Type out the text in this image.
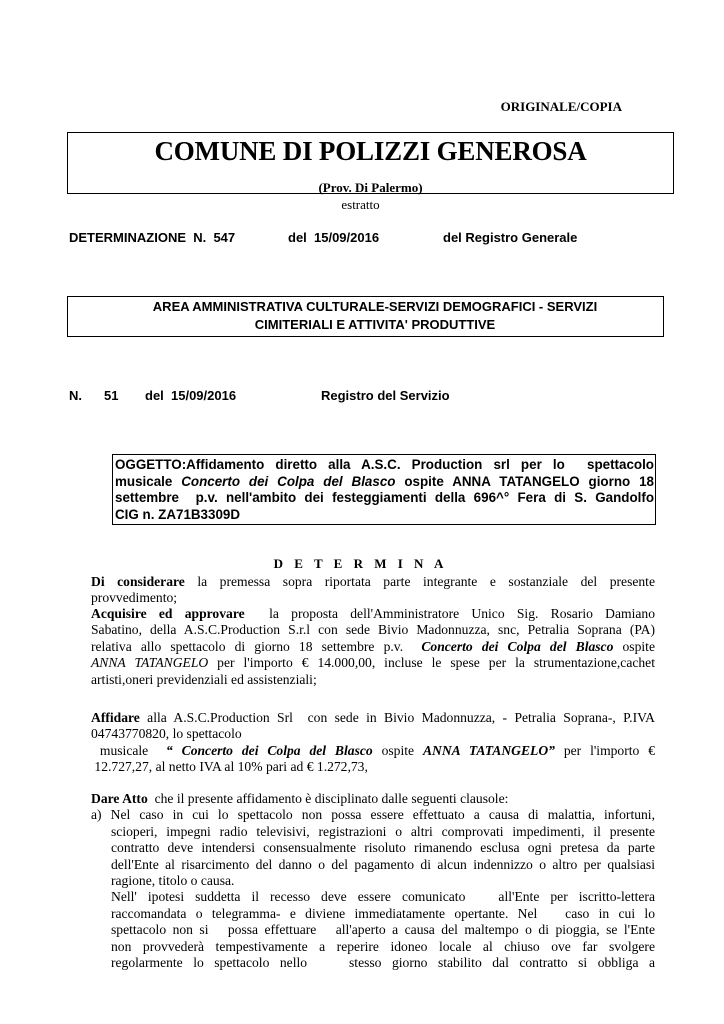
ORIGINALE/COPIA
COMUNE DI POLIZZI GENEROSA
(Prov. Di Palermo)
estratto
DETERMINAZIONE  N.  547	del  15/09/2016	del Registro Generale
AREA AMMINISTRATIVA CULTURALE-SERVIZI DEMOGRAFICI - SERVIZI
CIMITERIALI E ATTIVITA' PRODUTTIVE
N. 51 del  15/09/2016	Registro del Servizio
OGGETTO:Affidamento diretto alla A.S.C. Production srl per lo  spettacolo
musicale Concerto dei Colpa del Blasco ospite ANNA TATANGELO giorno 18
settembre  p.v. nell'ambito dei festeggiamenti della 696^° Fera di S. Gandolfo
CIG n. ZA71B3309D
D E T E R M I N A
Di considerare la premessa sopra riportata parte integrante e sostanziale del presente
provvedimento;
Acquisire ed approvare  la proposta dell'Amministratore Unico Sig. Rosario Damiano
Sabatino, della A.S.C.Production S.r.l con sede Bivio Madonnuzza, snc, Petralia Soprana (PA)
relativa allo spettacolo di giorno 18 settembre p.v.  Concerto dei Colpa del Blasco ospite
ANNA TATANGELO per l'importo € 14.000,00, incluse le spese per la strumentazione,cachet
artisti,oneri previdenziali ed assistenziali;
Affidare alla A.S.C.Production Srl  con sede in Bivio Madonnuzza, - Petralia Soprana-, P.IVA
04743770820, lo spettacolo
musicale  “ Concerto dei Colpa del Blasco ospite ANNA TATANGELO” per l'importo €
12.727,27, al netto IVA al 10% pari ad € 1.272,73,
Dare Atto  che il presente affidamento è disciplinato dalle seguenti clausole:
a) Nel caso in cui lo spettacolo non possa essere effettuato a causa di malattia, infortuni,
scioperi, impegni radio televisivi, registrazioni o altri comprovati impedimenti, il presente
contratto deve intendersi consensualmente risoluto rimanendo esclusa ogni pretesa da parte
dell'Ente al risarcimento del danno o del pagamento di alcun indennizzo o altro per qualsiasi
ragione, titolo o causa.
Nell' ipotesi suddetta il recesso deve essere comunicato   all'Ente per iscritto-lettera
raccomandata o telegramma- e diviene immediatamente opertante. Nel   caso in cui lo
spettacolo non si   possa effettuare   all'aperto a causa del maltempo o di pioggia, se l'Ente
non provvederà tempestivamente a reperire idoneo locale al chiuso ove far svolgere
regolarmente lo spettacolo nello    stesso giorno stabilito dal contratto si obbliga a
